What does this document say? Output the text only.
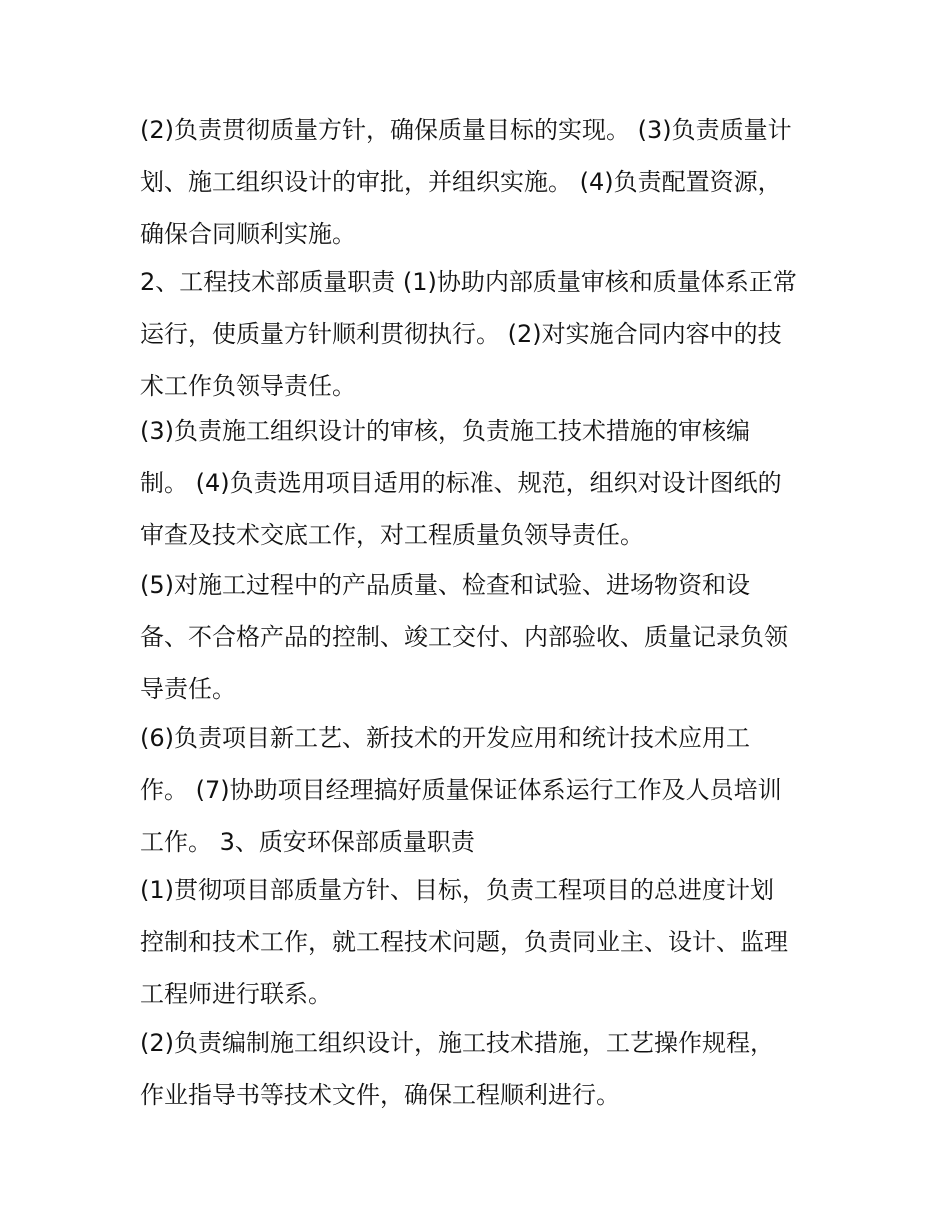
(2)负责贯彻质量方针，确保质量目标的实现。 (3)负责质量计
划、施工组织设计的审批，并组织实施。 (4)负责配置资源，
确保合同顺利实施。

2、工程技术部质量职责 (1)协助内部质量审核和质量体系正常
运行，使质量方针顺利贯彻执行。 (2)对实施合同内容中的技
术工作负领导责任。

(3)负责施工组织设计的审核，负责施工技术措施的审核编
制。 (4)负责选用项目适用的标准、规范，组织对设计图纸的
审查及技术交底工作，对工程质量负领导责任。

(5)对施工过程中的产品质量、检查和试验、进场物资和设
备、不合格产品的控制、竣工交付、内部验收、质量记录负领
导责任。

(6)负责项目新工艺、新技术的开发应用和统计技术应用工
作。 (7)协助项目经理搞好质量保证体系运行工作及人员培训
工作。 3、质安环保部质量职责

(1)贯彻项目部质量方针、目标，负责工程项目的总进度计划
控制和技术工作，就工程技术问题，负责同业主、设计、监理
工程师进行联系。

(2)负责编制施工组织设计，施工技术措施，工艺操作规程，
作业指导书等技术文件，确保工程顺利进行。
